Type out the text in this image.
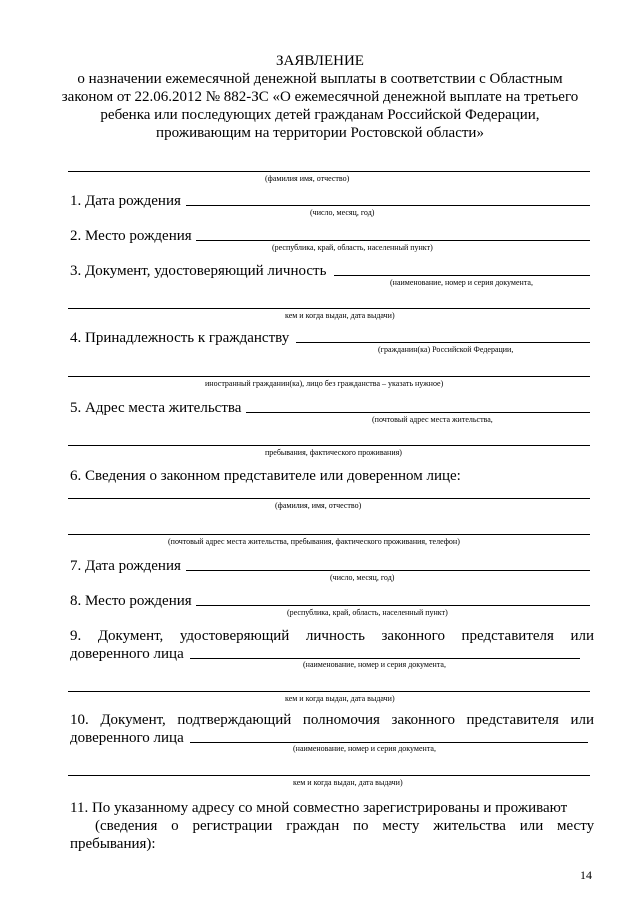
ЗАЯВЛЕНИЕ
о назначении ежемесячной денежной выплаты в соответствии с Областным
законом от 22.06.2012 № 882-ЗС «О ежемесячной денежной выплате на третьего
ребенка или последующих детей гражданам Российской Федерации,
проживающим на территории Ростовской области»
(фамилия имя, отчество)
1. Дата рождения
(число, месяц, год)
2. Место рождения
(республика, край, область, населенный пункт)
3. Документ, удостоверяющий личность
(наименование, номер и серия документа,
кем и когда выдан, дата выдачи)
4. Принадлежность к гражданству
(гражданин(ка) Российской Федерации,
иностранный гражданин(ка), лицо без гражданства – указать нужное)
5. Адрес места жительства
(почтовый адрес места жительства,
пребывания, фактического проживания)
6. Сведения о законном представителе или доверенном лице:
(фамилия, имя, отчество)
(почтовый адрес места жительства, пребывания, фактического проживания, телефон)
7. Дата рождения
(число, месяц, год)
8. Место рождения
(республика, край, область, населенный пункт)
9. Документ, удостоверяющий личность законного представителя или
доверенного лица
(наименование, номер и серия документа,
кем и когда выдан, дата выдачи)
10. Документ, подтверждающий полномочия законного представителя или
доверенного лица
(наименование, номер и серия документа,
кем и когда выдан, дата выдачи)
11. По указанному адресу со мной совместно зарегистрированы и проживают
(сведения о регистрации граждан по месту жительства или месту
пребывания):
14
